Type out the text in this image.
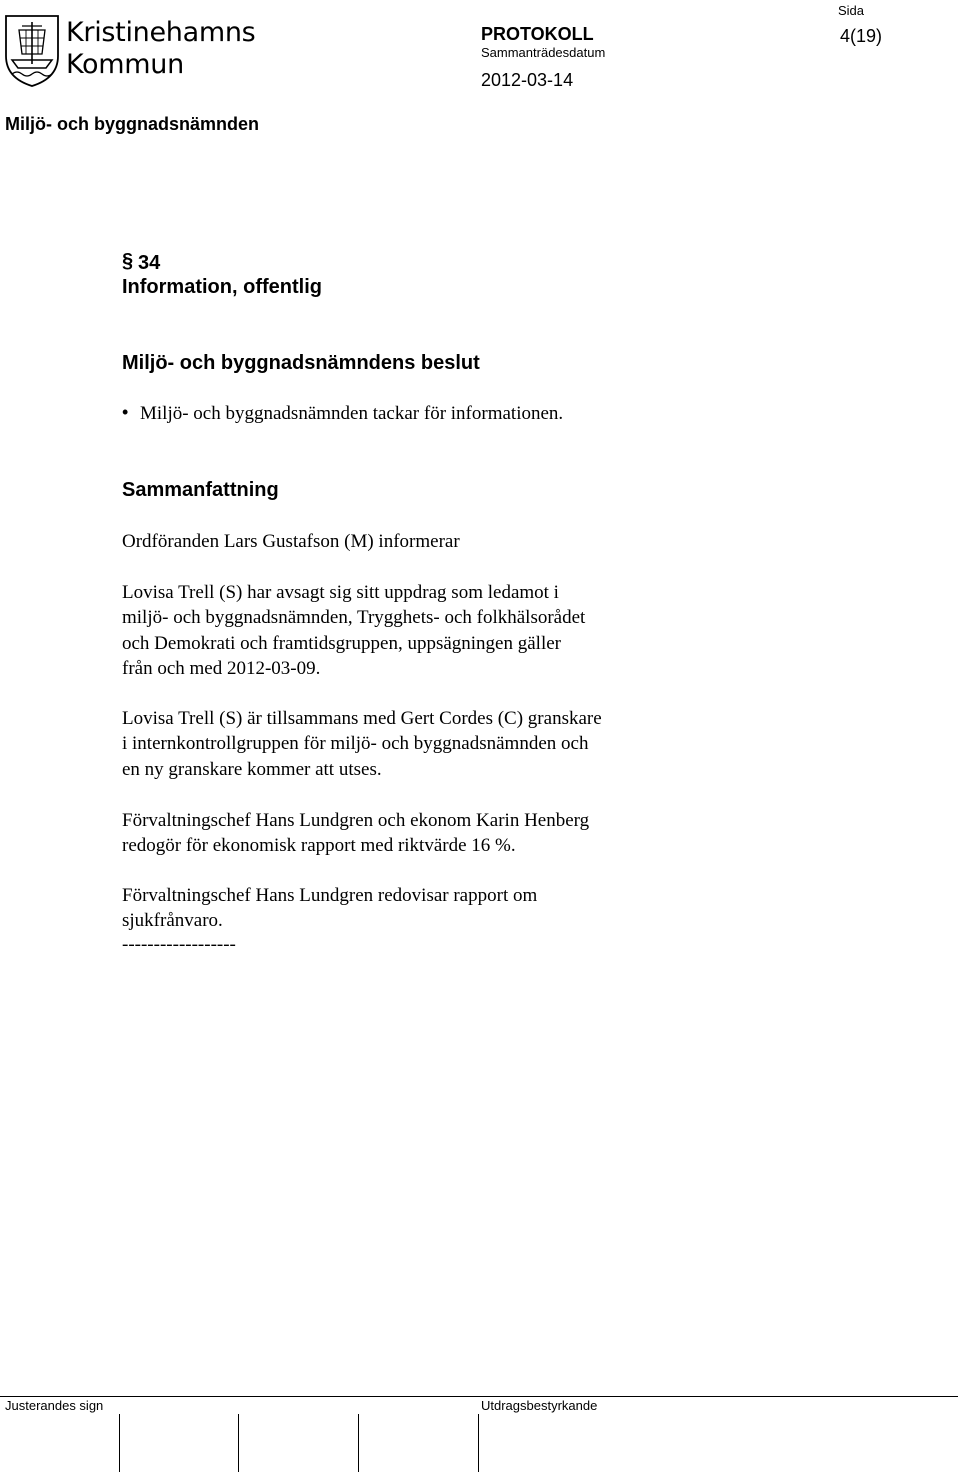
Kristinehamns
Kommun
Sida
4(19)
PROTOKOLL
Sammanträdesdatum
2012-03-14
Miljö- och byggnadsnämnden
§ 34
Information, offentlig
Miljö- och byggnadsnämndens beslut
• Miljö- och byggnadsnämnden tackar för informationen.
Sammanfattning
Ordföranden Lars Gustafson (M) informerar
Lovisa Trell (S) har avsagt sig sitt uppdrag som ledamot i
miljö- och byggnadsnämnden, Trygghets- och folkhälsorådet
och Demokrati och framtidsgruppen, uppsägningen gäller
från och med 2012-03-09.
Lovisa Trell (S) är tillsammans med Gert Cordes (C) granskare
i internkontrollgruppen för miljö- och byggnadsnämnden och
en ny granskare kommer att utses.
Förvaltningschef Hans Lundgren och ekonom Karin Henberg
redogör för ekonomisk rapport med riktvärde 16 %.
Förvaltningschef Hans Lundgren redovisar rapport om
sjukfrånvaro.
------------------
Justerandes sign	Utdragsbestyrkande
